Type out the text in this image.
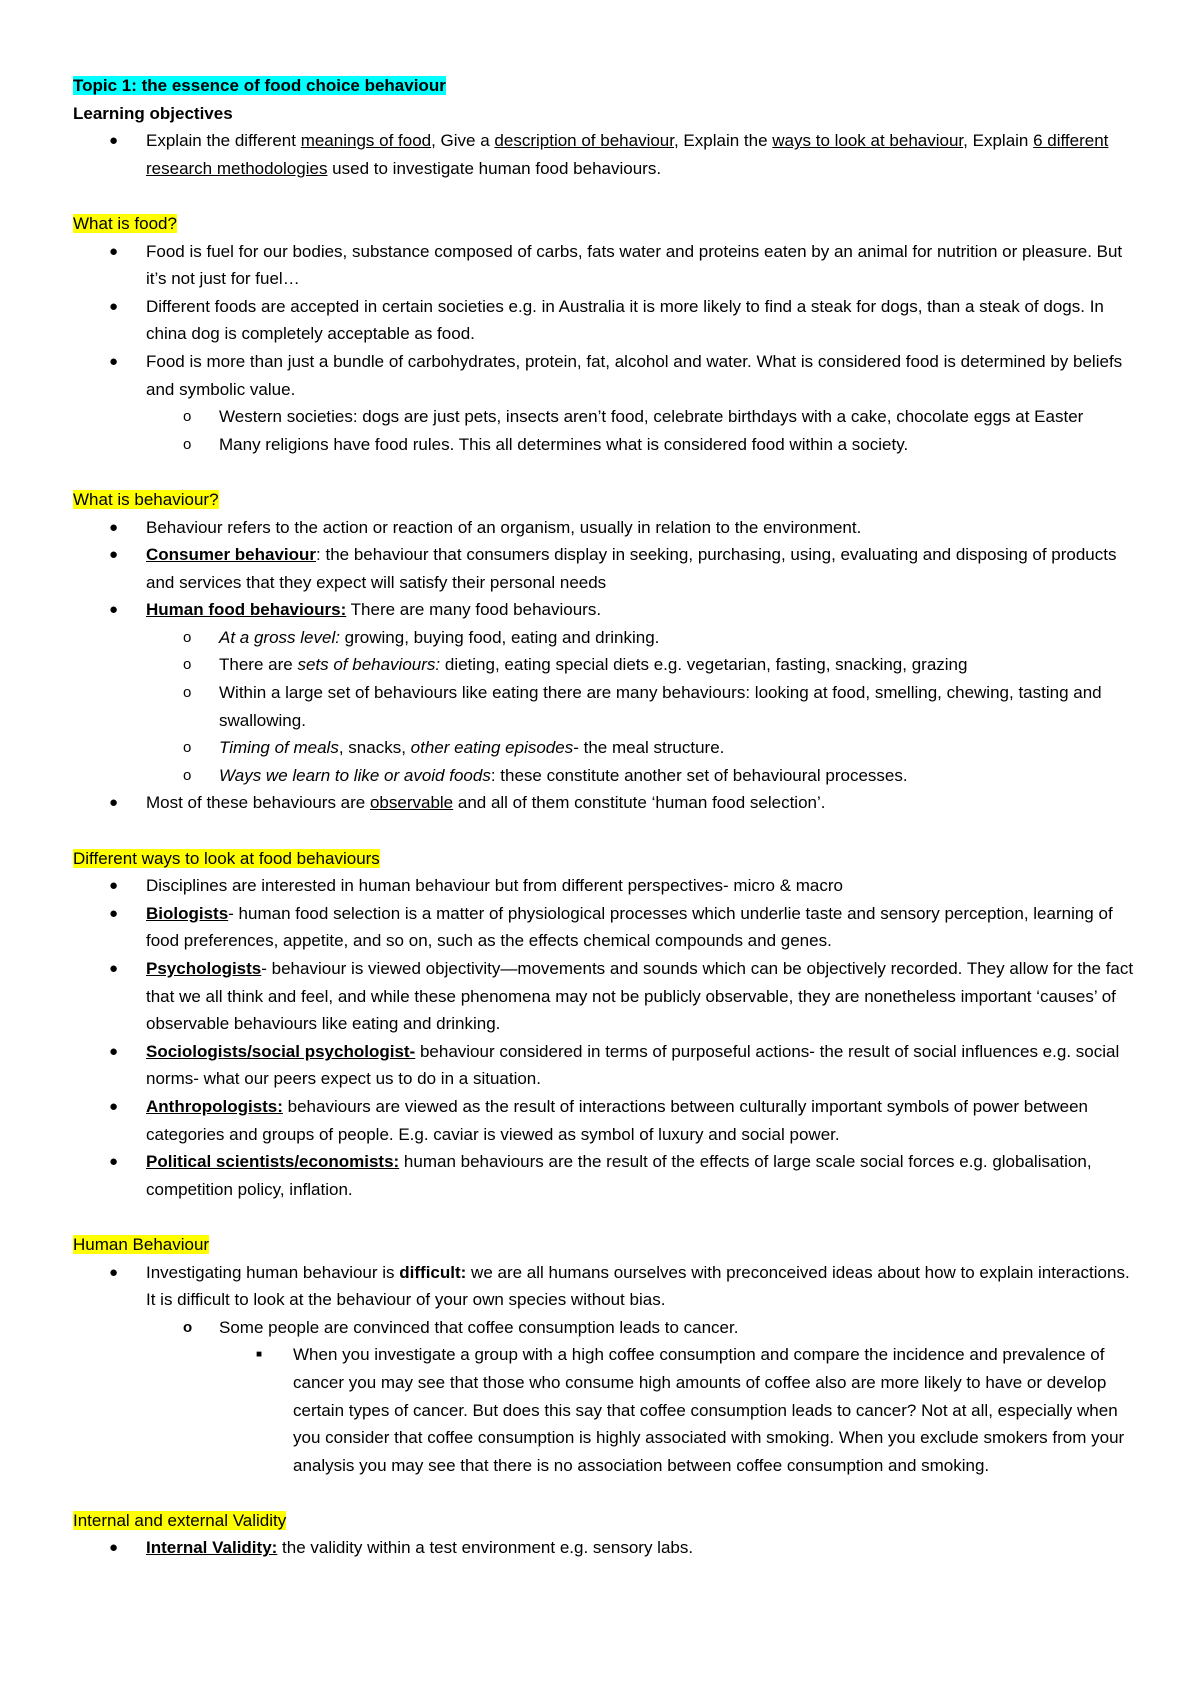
Topic 1: the essence of food choice behaviour
Learning objectives
● Explain the different meanings of food, Give a description of behaviour, Explain the ways to look at behaviour, Explain 6 different research methodologies used to investigate human food behaviours.
What is food?
● Food is fuel for our bodies, substance composed of carbs, fats water and proteins eaten by an animal for nutrition or pleasure. But it’s not just for fuel…
● Different foods are accepted in certain societies e.g. in Australia it is more likely to find a steak for dogs, than a steak of dogs. In china dog is completely acceptable as food.
● Food is more than just a bundle of carbohydrates, protein, fat, alcohol and water. What is considered food is determined by beliefs and symbolic value.
o Western societies: dogs are just pets, insects aren’t food, celebrate birthdays with a cake, chocolate eggs at Easter
o Many religions have food rules. This all determines what is considered food within a society.
What is behaviour?
● Behaviour refers to the action or reaction of an organism, usually in relation to the environment.
● Consumer behaviour: the behaviour that consumers display in seeking, purchasing, using, evaluating and disposing of products and services that they expect will satisfy their personal needs
● Human food behaviours: There are many food behaviours.
o At a gross level: growing, buying food, eating and drinking.
o There are sets of behaviours: dieting, eating special diets e.g. vegetarian, fasting, snacking, grazing
o Within a large set of behaviours like eating there are many behaviours: looking at food, smelling, chewing, tasting and swallowing.
o Timing of meals, snacks, other eating episodes- the meal structure.
o Ways we learn to like or avoid foods: these constitute another set of behavioural processes.
● Most of these behaviours are observable and all of them constitute ‘human food selection’.
Different ways to look at food behaviours
● Disciplines are interested in human behaviour but from different perspectives- micro & macro
● Biologists- human food selection is a matter of physiological processes which underlie taste and sensory perception, learning of food preferences, appetite, and so on, such as the effects chemical compounds and genes.
● Psychologists- behaviour is viewed objectivity—movements and sounds which can be objectively recorded. They allow for the fact that we all think and feel, and while these phenomena may not be publicly observable, they are nonetheless important ‘causes’ of observable behaviours like eating and drinking.
● Sociologists/social psychologist- behaviour considered in terms of purposeful actions- the result of social influences e.g. social norms- what our peers expect us to do in a situation.
● Anthropologists: behaviours are viewed as the result of interactions between culturally important symbols of power between categories and groups of people. E.g. caviar is viewed as symbol of luxury and social power.
● Political scientists/economists: human behaviours are the result of the effects of large scale social forces e.g. globalisation, competition policy, inflation.
Human Behaviour
● Investigating human behaviour is difficult: we are all humans ourselves with preconceived ideas about how to explain interactions. It is difficult to look at the behaviour of your own species without bias.
o Some people are convinced that coffee consumption leads to cancer.
■ When you investigate a group with a high coffee consumption and compare the incidence and prevalence of cancer you may see that those who consume high amounts of coffee also are more likely to have or develop certain types of cancer. But does this say that coffee consumption leads to cancer? Not at all, especially when you consider that coffee consumption is highly associated with smoking. When you exclude smokers from your analysis you may see that there is no association between coffee consumption and smoking.
Internal and external Validity
● Internal Validity: the validity within a test environment e.g. sensory labs.
